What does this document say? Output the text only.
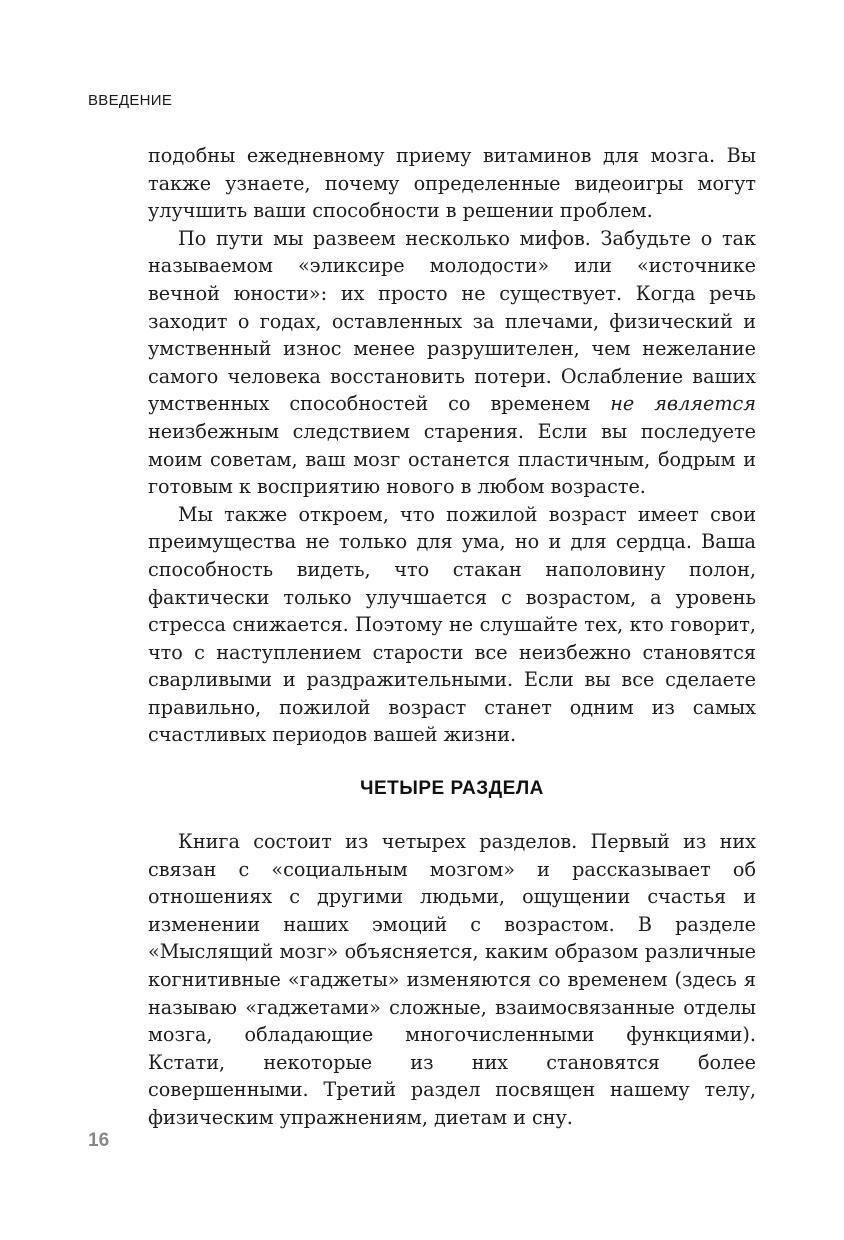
ВВЕДЕНИЕ

подобны ежедневному приему витаминов для мозга. Вы также узнаете, почему определенные видеоигры могут улучшить ваши способности в решении проблем.

По пути мы развеем несколько мифов. Забудьте о так называемом «эликсире молодости» или «источнике вечной юности»: их просто не существует. Когда речь заходит о годах, оставленных за плечами, физический и умственный износ менее разрушителен, чем нежелание самого человека восстановить потери. Ослабление ваших умственных способностей со временем не является неизбежным следствием старения. Если вы последуете моим советам, ваш мозг останется пластичным, бодрым и готовым к восприятию нового в любом возрасте.

Мы также откроем, что пожилой возраст имеет свои преимущества не только для ума, но и для сердца. Ваша способность видеть, что стакан наполовину полон, фактически только улучшается с возрастом, а уровень стресса снижается. Поэтому не слушайте тех, кто говорит, что с наступлением старости все неизбежно становятся сварливыми и раздражительными. Если вы все сделаете правильно, пожилой возраст станет одним из самых счастливых периодов вашей жизни.

ЧЕТЫРЕ РАЗДЕЛА

Книга состоит из четырех разделов. Первый из них связан с «социальным мозгом» и рассказывает об отношениях с другими людьми, ощущении счастья и изменении наших эмоций с возрастом. В разделе «Мыслящий мозг» объясняется, каким образом различные когнитивные «гаджеты» изменяются со временем (здесь я называю «гаджетами» сложные, взаимосвязанные отделы мозга, обладающие многочисленными функциями). Кстати, некоторые из них становятся более совершенными. Третий раздел посвящен нашему телу, физическим упражнениям, диетам и сну.

16
